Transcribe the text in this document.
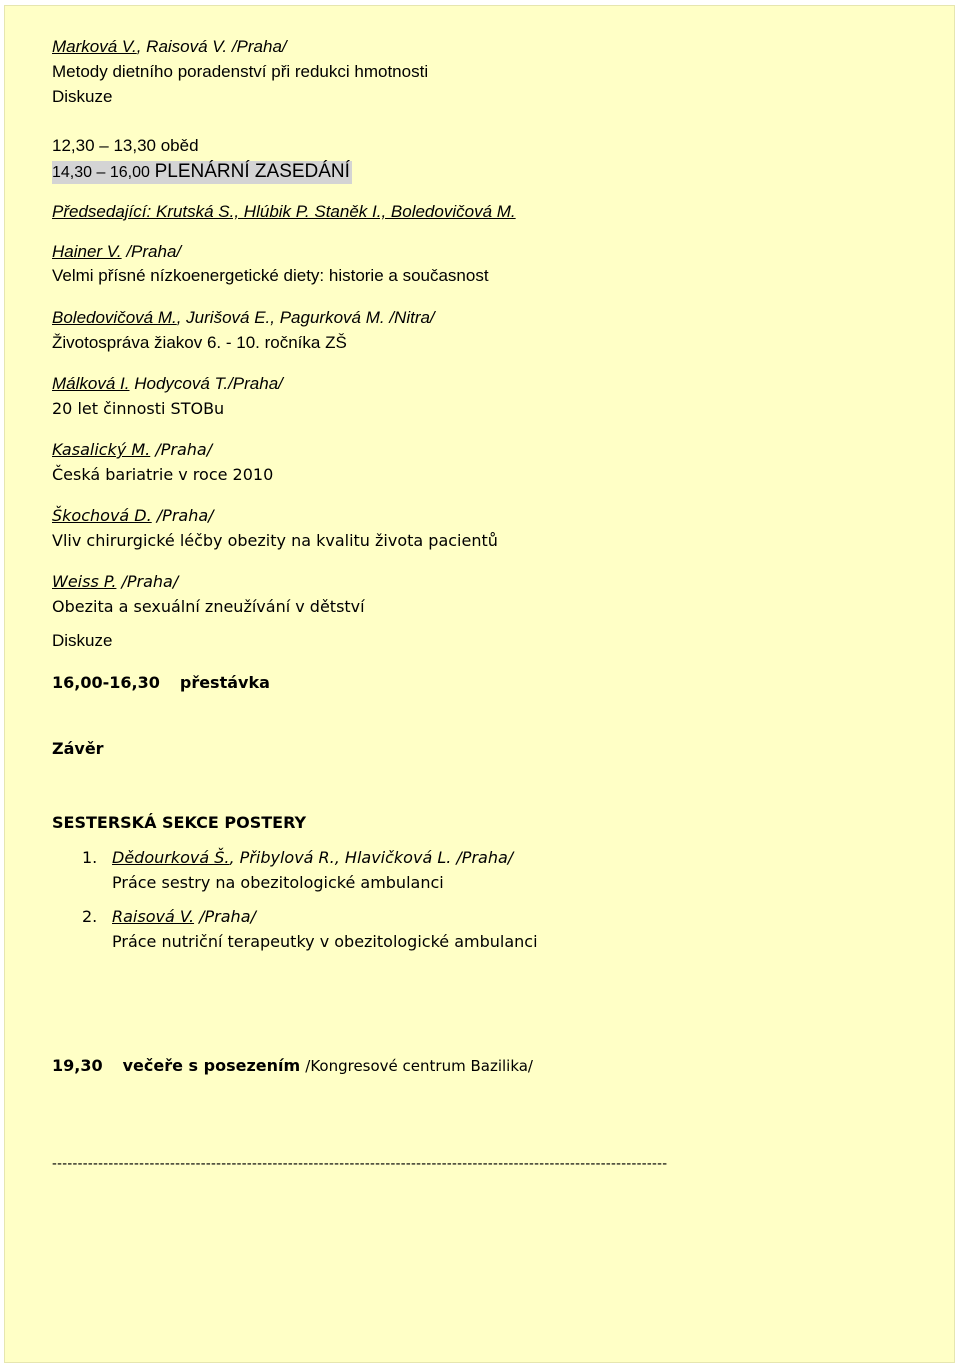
Marková V., Raisová V. /Praha/
Metody dietního poradenství při redukci hmotnosti
Diskuze
12,30 – 13,30 oběd
14,30 – 16,00 PLENÁRNÍ ZASEDÁNÍ
Předsedající: Krutská S., Hlúbik P. Staněk I., Boledovičová M.
Hainer V. /Praha/
Velmi přísné nízkoenergetické diety: historie a současnost
Boledovičová M., Jurišová E., Pagurková M. /Nitra/
Životospráva žiakov 6. - 10. ročníka ZŠ
Málková I. Hodycová T./Praha/
20 let činnosti STOBu
Kasalický M. /Praha/
Česká bariatrie v roce 2010
Škochová D. /Praha/
Vliv chirurgické léčby obezity na kvalitu života pacientů
Weiss P. /Praha/
Obezita a sexuální zneužívání v dětství
Diskuze
16,00-16,30 přestávka
Závěr
SESTERSKÁ SEKCE POSTERY
1. Dědourková Š., Přibylová R., Hlavičková L. /Praha/
Práce sestry na obezitologické ambulanci
2. Raisová V. /Praha/
Práce nutriční terapeutky v obezitologické ambulanci
19,30 večeře s posezením /Kongresové centrum Bazilika/
------------------------------------------------------------------------------------------------------------------------
